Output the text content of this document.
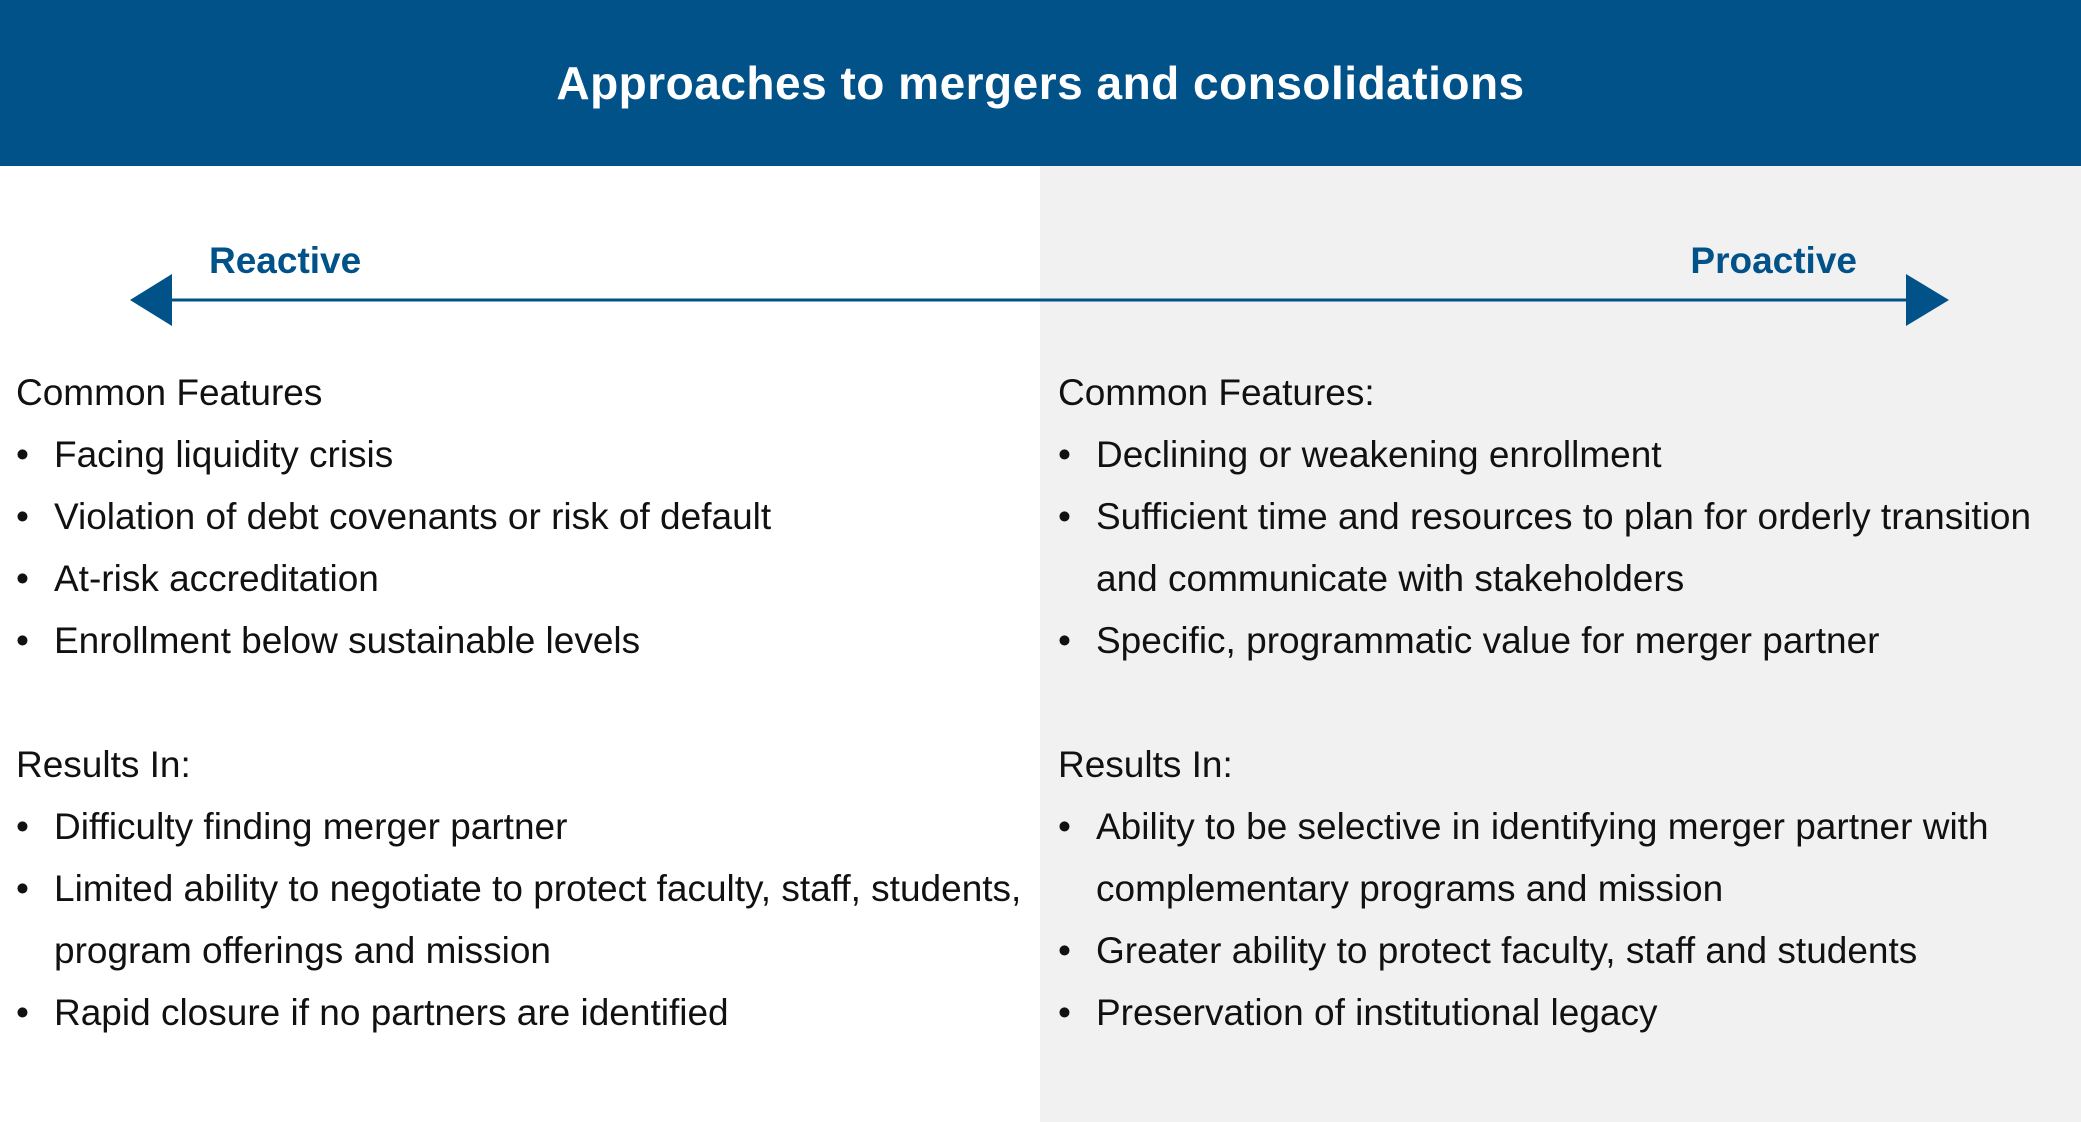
Approaches to mergers and consolidations
Reactive	Proactive
Common Features
• Facing liquidity crisis
• Violation of debt covenants or risk of default
• At-risk accreditation
• Enrollment below sustainable levels
Results In:
• Difficulty finding merger partner
• Limited ability to negotiate to protect faculty, staff, students, program offerings and mission
• Rapid closure if no partners are identified
Common Features:
• Declining or weakening enrollment
• Sufficient time and resources to plan for orderly transition and communicate with stakeholders
• Specific, programmatic value for merger partner
Results In:
• Ability to be selective in identifying merger partner with complementary programs and mission
• Greater ability to protect faculty, staff and students
• Preservation of institutional legacy
